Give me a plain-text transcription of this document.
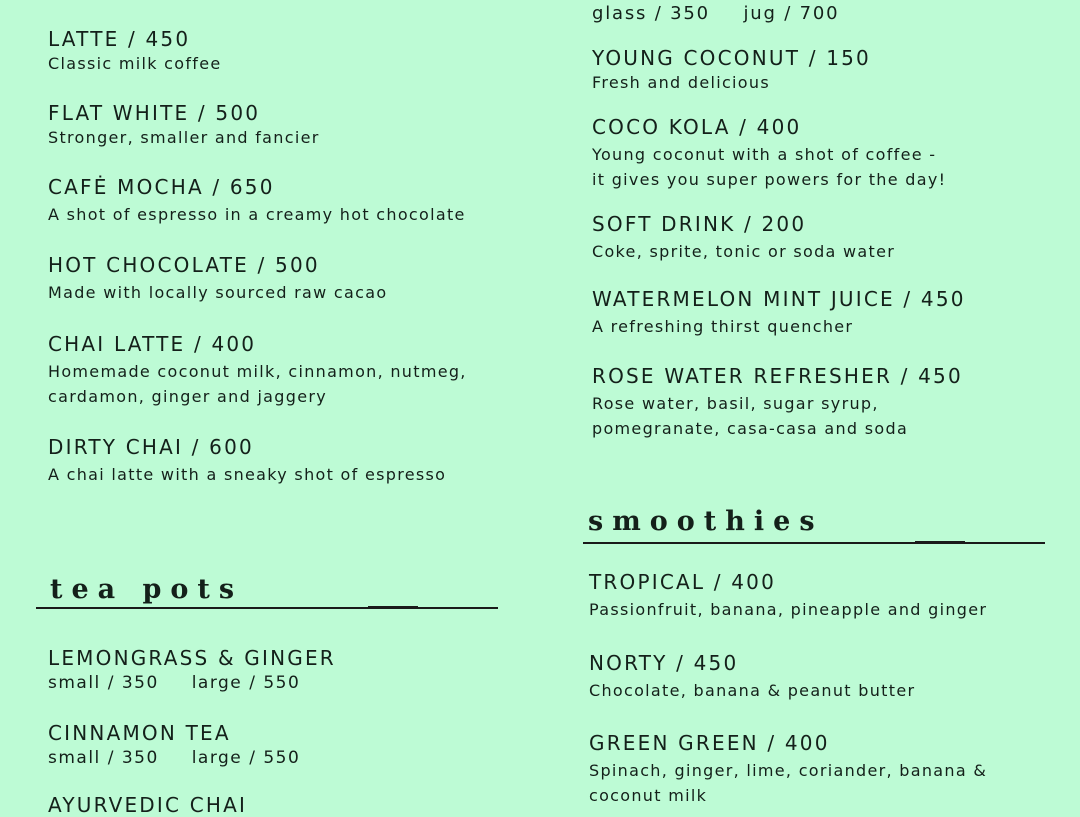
LATTE / 450
Classic milk coffee
FLAT WHITE / 500
Stronger, smaller and fancier
CAFĖ MOCHA / 650
A shot of espresso in a creamy hot chocolate
HOT CHOCOLATE / 500
Made with locally sourced raw cacao
CHAI LATTE / 400
Homemade coconut milk, cinnamon, nutmeg,
cardamon, ginger and jaggery
DIRTY CHAI / 600
A chai latte with a sneaky shot of espresso
tea pots
LEMONGRASS & GINGER
small / 350 large / 550
CINNAMON TEA
small / 350 large / 550
AYURVEDIC CHAI
glass / 350 jug / 700
YOUNG COCONUT / 150
Fresh and delicious
COCO KOLA / 400
Young coconut with a shot of coffee -
it gives you super powers for the day!
SOFT DRINK / 200
Coke, sprite, tonic or soda water
WATERMELON MINT JUICE / 450
A refreshing thirst quencher
ROSE WATER REFRESHER / 450
Rose water, basil, sugar syrup,
pomegranate, casa-casa and soda
smoothies
TROPICAL / 400
Passionfruit, banana, pineapple and ginger
NORTY / 450
Chocolate, banana & peanut butter
GREEN GREEN / 400
Spinach, ginger, lime, coriander, banana &
coconut milk
